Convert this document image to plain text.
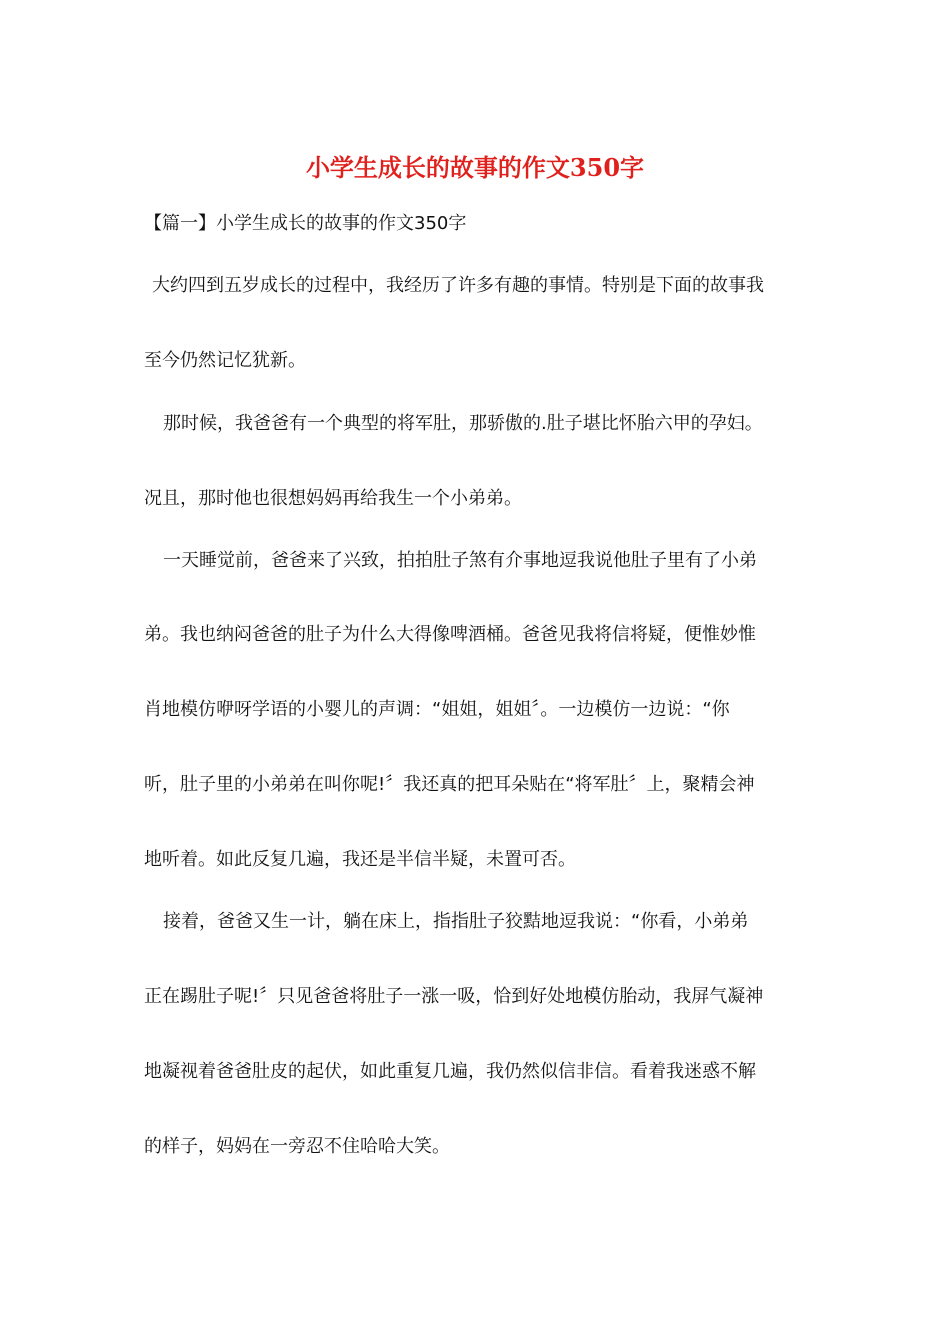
小学生成长的故事的作文350字

【篇一】小学生成长的故事的作文350字

大约四到五岁成长的过程中，我经历了许多有趣的事情。特别是下面的故事我

至今仍然记忆犹新。

那时候，我爸爸有一个典型的将军肚，那骄傲的.肚子堪比怀胎六甲的孕妇。

况且，那时他也很想妈妈再给我生一个小弟弟。

一天睡觉前，爸爸来了兴致，拍拍肚子煞有介事地逗我说他肚子里有了小弟

弟。我也纳闷爸爸的肚子为什么大得像啤酒桶。爸爸见我将信将疑，便惟妙惟

肖地模仿咿呀学语的小婴儿的声调：“姐姐，姐姐〞。一边模仿一边说：“你

听，肚子里的小弟弟在叫你呢!〞我还真的把耳朵贴在“将军肚〞上，聚精会神

地听着。如此反复几遍，我还是半信半疑，未置可否。

接着，爸爸又生一计，躺在床上，指指肚子狡黠地逗我说：“你看，小弟弟

正在踢肚子呢!〞只见爸爸将肚子一涨一吸，恰到好处地模仿胎动，我屏气凝神

地凝视着爸爸肚皮的起伏，如此重复几遍，我仍然似信非信。看着我迷惑不解

的样子，妈妈在一旁忍不住哈哈大笑。
